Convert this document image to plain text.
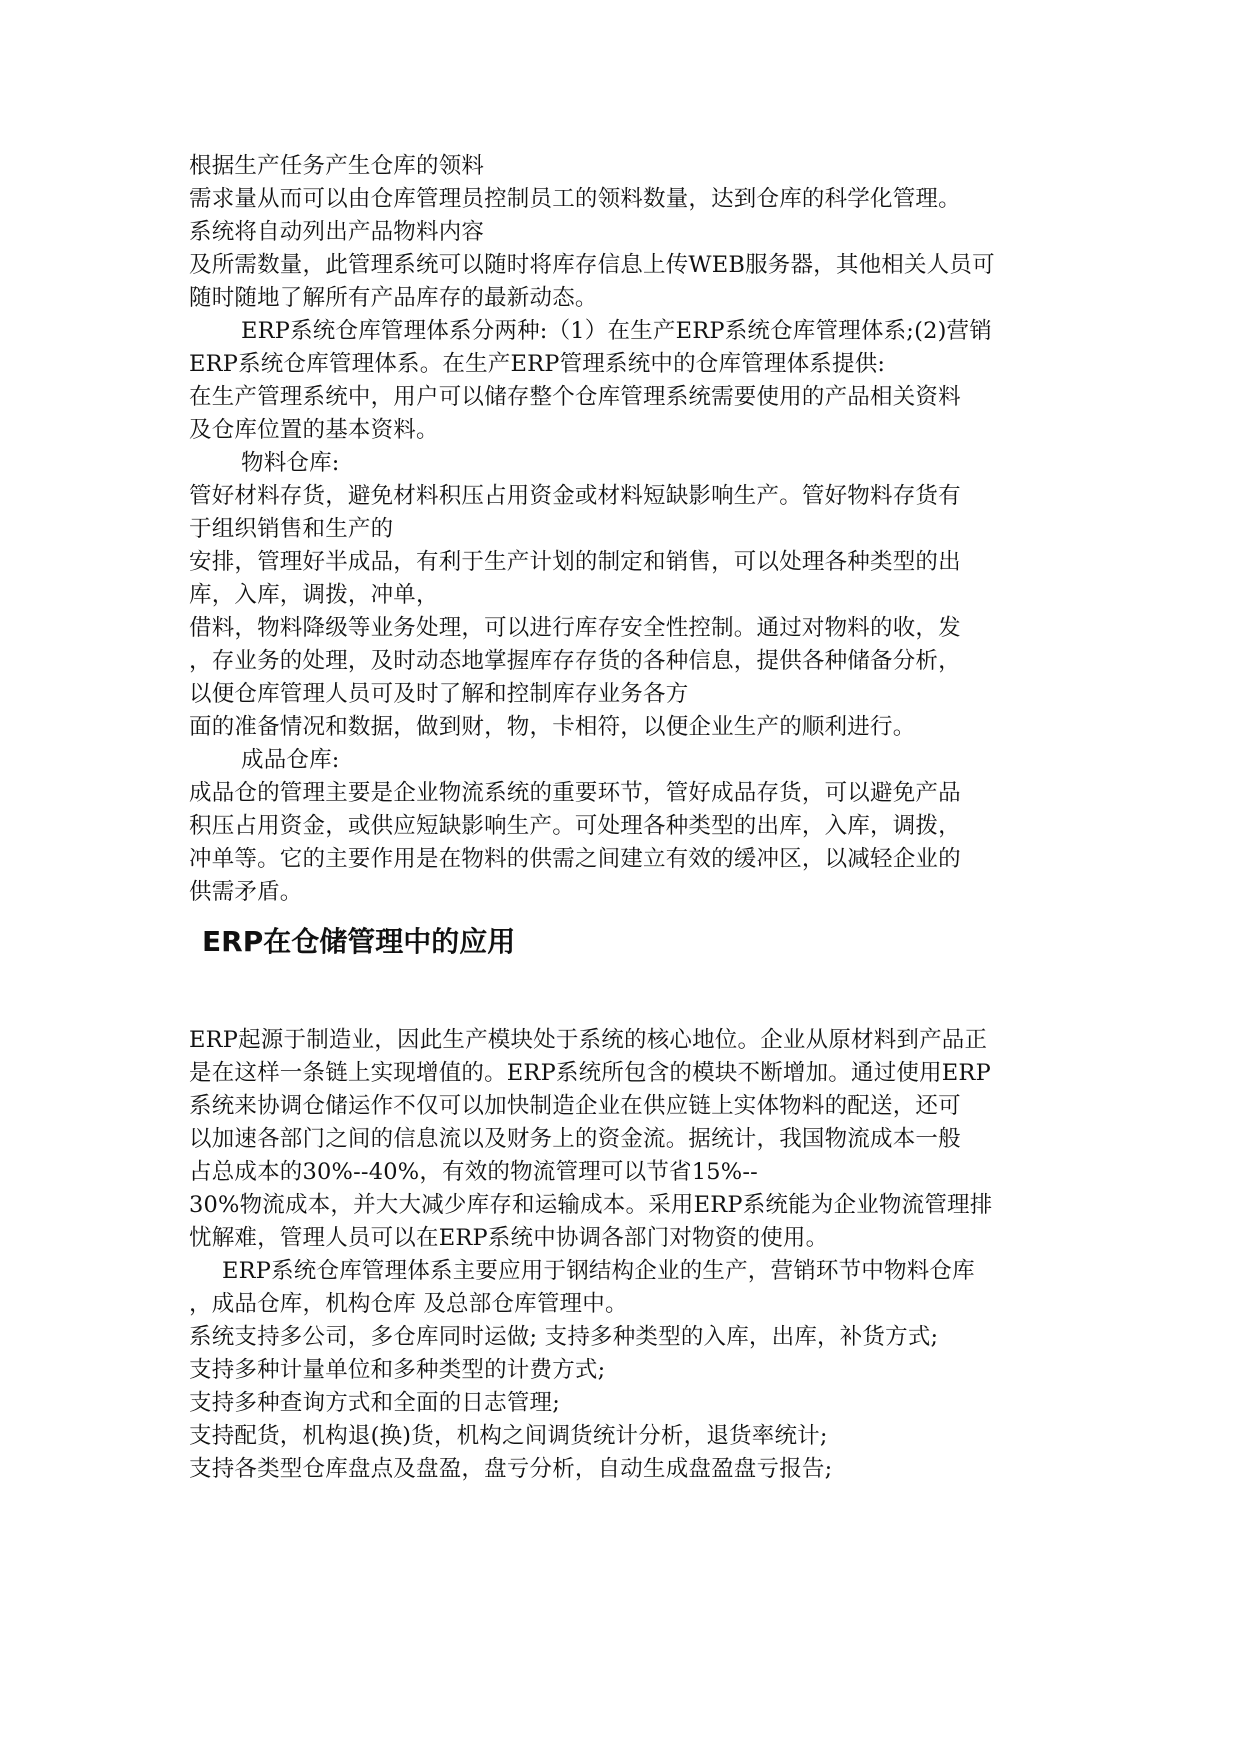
根据生产任务产生仓库的领料
需求量从而可以由仓库管理员控制员工的领料数量，达到仓库的科学化管理。
系统将自动列出产品物料内容
及所需数量，此管理系统可以随时将库存信息上传WEB服务器，其他相关人员可
随时随地了解所有产品库存的最新动态。
ERP系统仓库管理体系分两种:（1）在生产ERP系统仓库管理体系;(2)营销
ERP系统仓库管理体系。在生产ERP管理系统中的仓库管理体系提供:
在生产管理系统中，用户可以储存整个仓库管理系统需要使用的产品相关资料
及仓库位置的基本资料。
物料仓库:
管好材料存货，避免材料积压占用资金或材料短缺影响生产。管好物料存货有
于组织销售和生产的
安排，管理好半成品，有利于生产计划的制定和销售，可以处理各种类型的出
库，入库，调拨，冲单，
借料，物料降级等业务处理，可以进行库存安全性控制。通过对物料的收，发
，存业务的处理，及时动态地掌握库存存货的各种信息，提供各种储备分析，
以便仓库管理人员可及时了解和控制库存业务各方
面的准备情况和数据，做到财，物，卡相符，以便企业生产的顺利进行。
成品仓库:
成品仓的管理主要是企业物流系统的重要环节，管好成品存货，可以避免产品
积压占用资金，或供应短缺影响生产。可处理各种类型的出库，入库，调拨，
冲单等。它的主要作用是在物料的供需之间建立有效的缓冲区，以减轻企业的
供需矛盾。
ERP在仓储管理中的应用
ERP起源于制造业，因此生产模块处于系统的核心地位。企业从原材料到产品正
是在这样一条链上实现增值的。ERP系统所包含的模块不断增加。通过使用ERP
系统来协调仓储运作不仅可以加快制造企业在供应链上实体物料的配送，还可
以加速各部门之间的信息流以及财务上的资金流。据统计，我国物流成本一般
占总成本的30%--40%，有效的物流管理可以节省15%--
30%物流成本，并大大减少库存和运输成本。采用ERP系统能为企业物流管理排
忧解难，管理人员可以在ERP系统中协调各部门对物资的使用。
ERP系统仓库管理体系主要应用于钢结构企业的生产，营销环节中物料仓库
，成品仓库，机构仓库 及总部仓库管理中。
系统支持多公司，多仓库同时运做; 支持多种类型的入库，出库，补货方式;
支持多种计量单位和多种类型的计费方式;
支持多种查询方式和全面的日志管理;
支持配货，机构退(换)货，机构之间调货统计分析，退货率统计;
支持各类型仓库盘点及盘盈，盘亏分析，自动生成盘盈盘亏报告;
